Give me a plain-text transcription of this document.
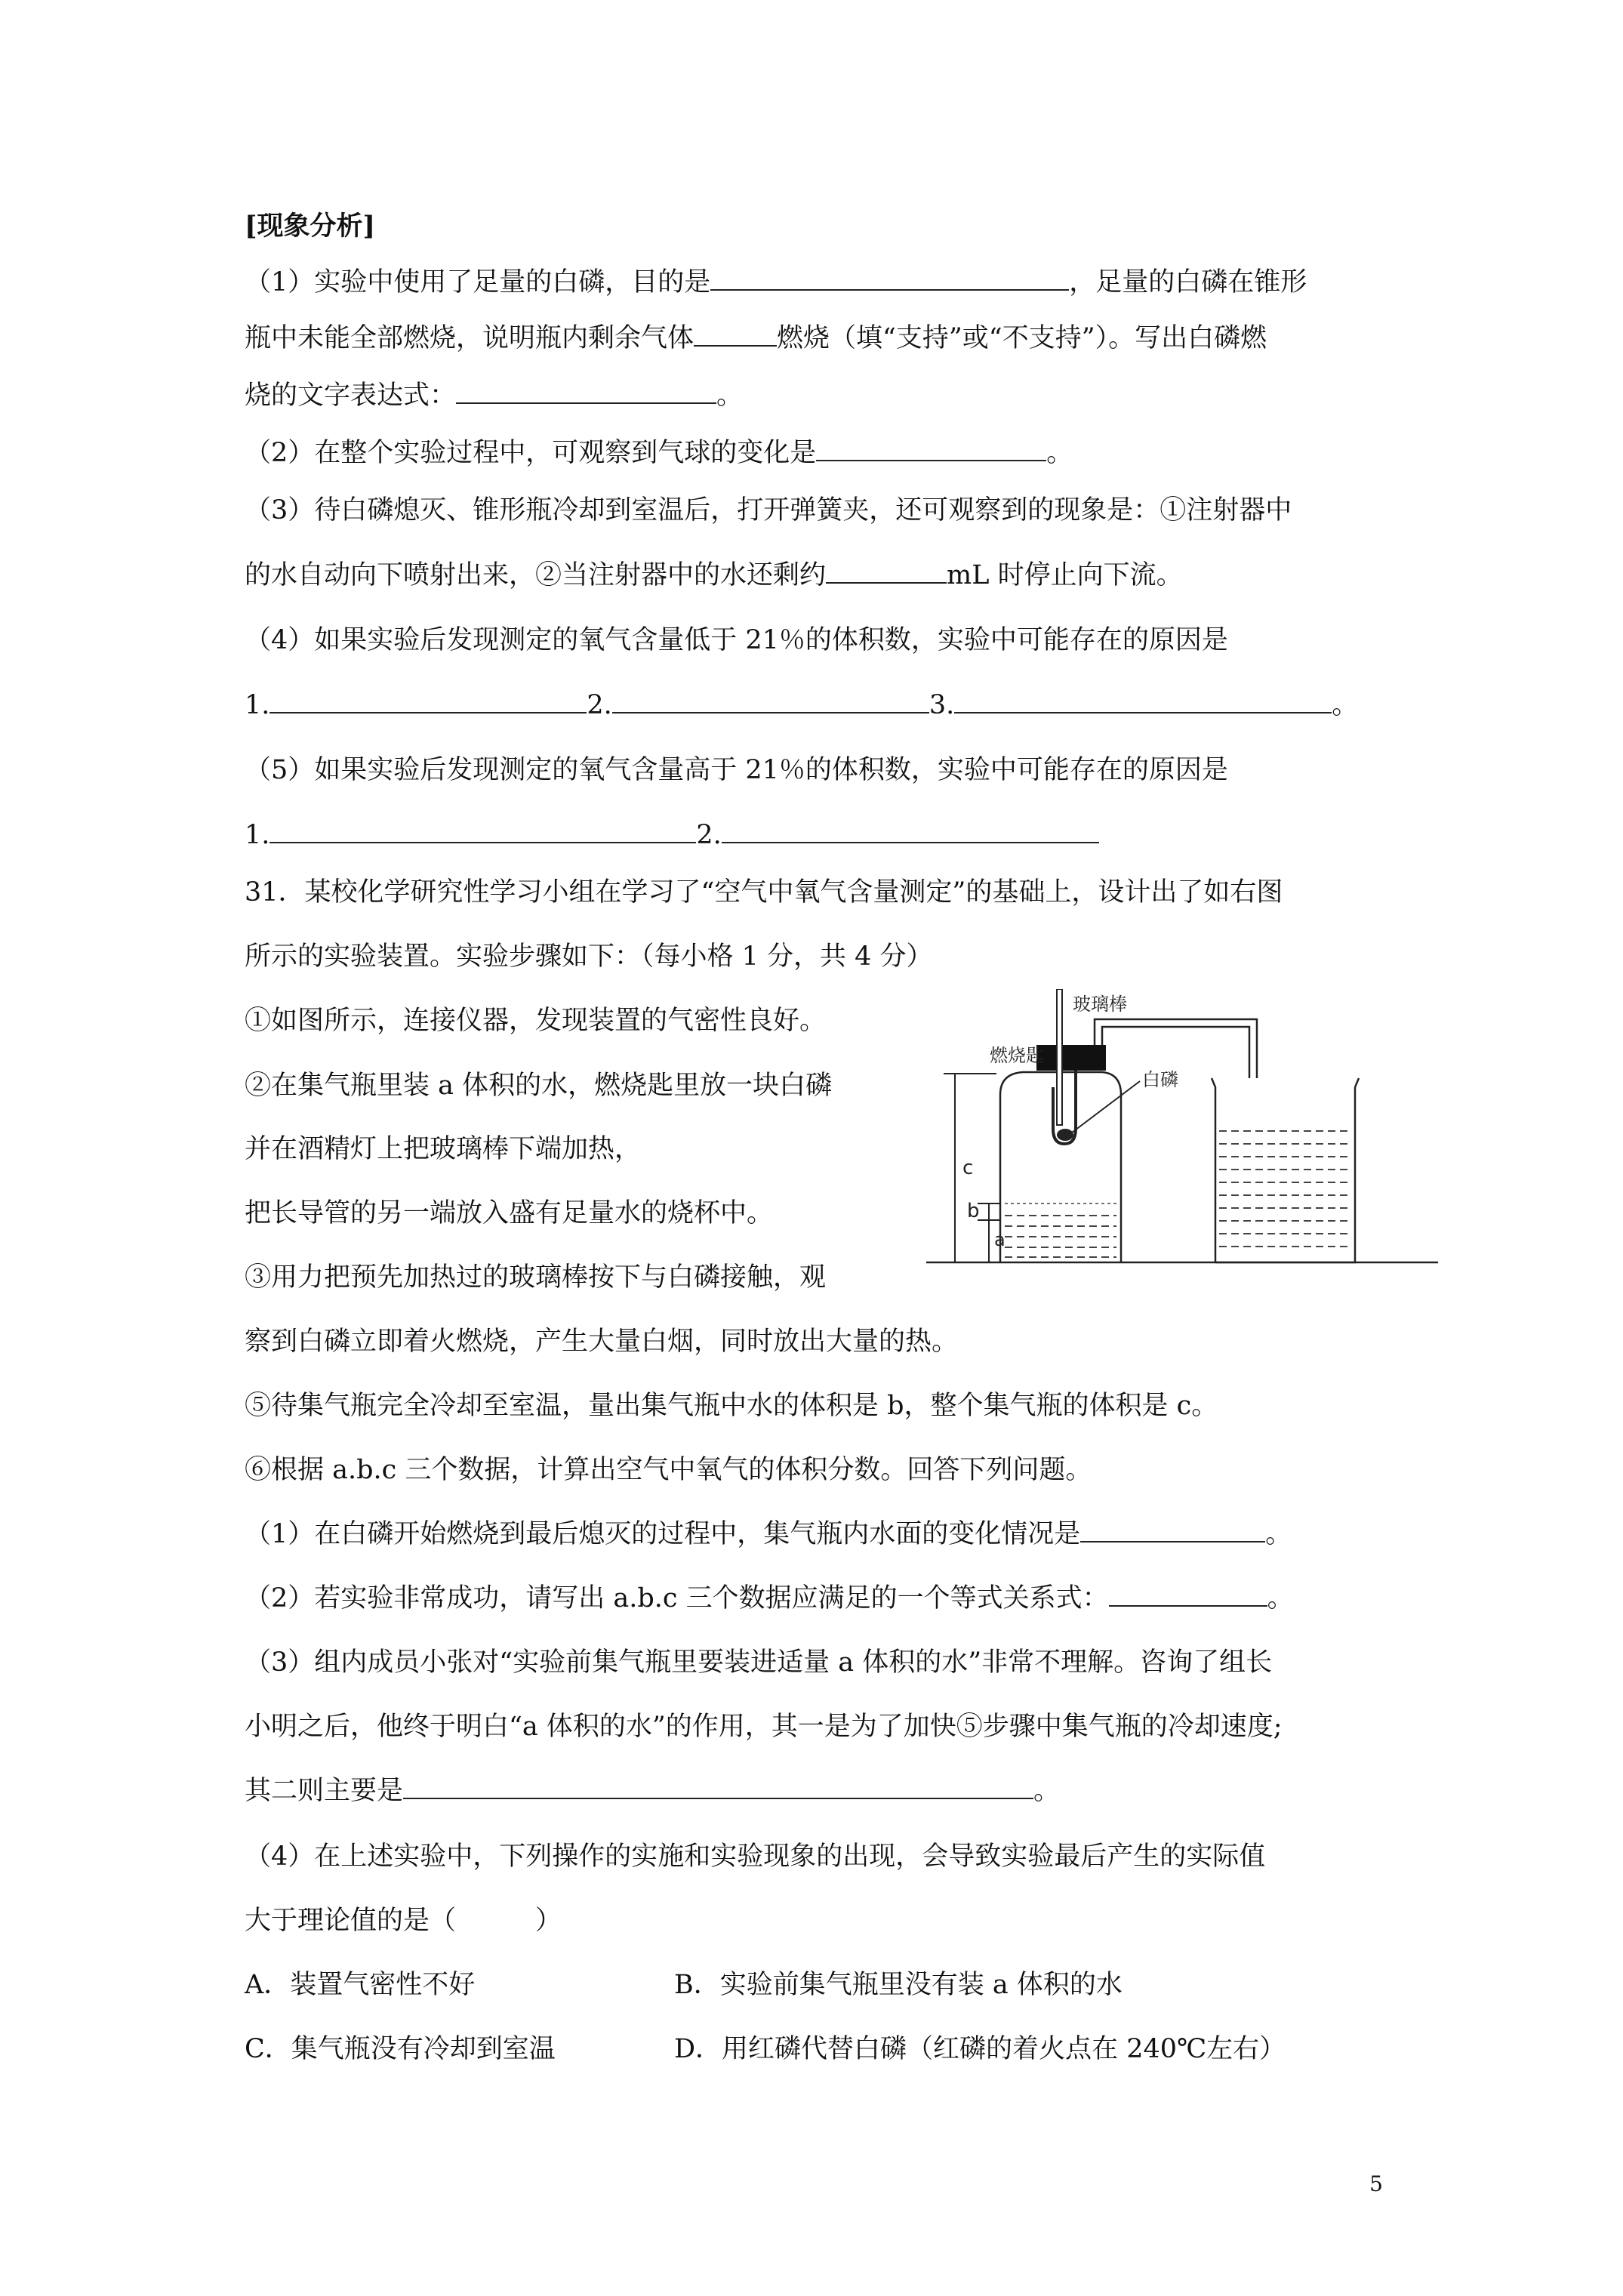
[现象分析]
（1）实验中使用了足量的白磷，目的是	，足量的白磷在锥形
瓶中未能全部燃烧，说明瓶内剩余气体	燃烧（填“支持”或“不支持”）。写出白磷燃
烧的文字表达式：	。
（2）在整个实验过程中，可观察到气球的变化是	。
（3）待白磷熄灭、锥形瓶冷却到室温后，打开弹簧夹，还可观察到的现象是：①注射器中
的水自动向下喷射出来，②当注射器中的水还剩约	mL 时停止向下流。
（4）如果实验后发现测定的氧气含量低于 21％的体积数，实验中可能存在的原因是
1.	2.	3.	。
（5）如果实验后发现测定的氧气含量高于 21％的体积数，实验中可能存在的原因是
1.	2.
31．某校化学研究性学习小组在学习了“空气中氧气含量测定”的基础上，设计出了如右图
所示的实验装置。实验步骤如下：（每小格 1 分，共 4 分）
①如图所示，连接仪器，发现装置的气密性良好。
②在集气瓶里装 a 体积的水，燃烧匙里放一块白磷
并在酒精灯上把玻璃棒下端加热，
把长导管的另一端放入盛有足量水的烧杯中。
③用力把预先加热过的玻璃棒按下与白磷接触，观
察到白磷立即着火燃烧，产生大量白烟，同时放出大量的热。
⑤待集气瓶完全冷却至室温，量出集气瓶中水的体积是 b，整个集气瓶的体积是 c。
⑥根据 a.b.c 三个数据，计算出空气中氧气的体积分数。回答下列问题。
（1）在白磷开始燃烧到最后熄灭的过程中，集气瓶内水面的变化情况是	。
（2）若实验非常成功，请写出 a.b.c 三个数据应满足的一个等式关系式：	。
（3）组内成员小张对“实验前集气瓶里要装进适量 a 体积的水”非常不理解。咨询了组长
小明之后，他终于明白“a 体积的水”的作用，其一是为了加快⑤步骤中集气瓶的冷却速度;
其二则主要是	。
（4）在上述实验中，下列操作的实施和实验现象的出现，会导致实验最后产生的实际值
大于理论值的是（　　　）
A．装置气密性不好	B．实验前集气瓶里没有装 a 体积的水
C．集气瓶没有冷却到室温	D．用红磷代替白磷（红磷的着火点在 240℃左右）
c
b
a
玻璃棒
燃烧匙
白磷
5
